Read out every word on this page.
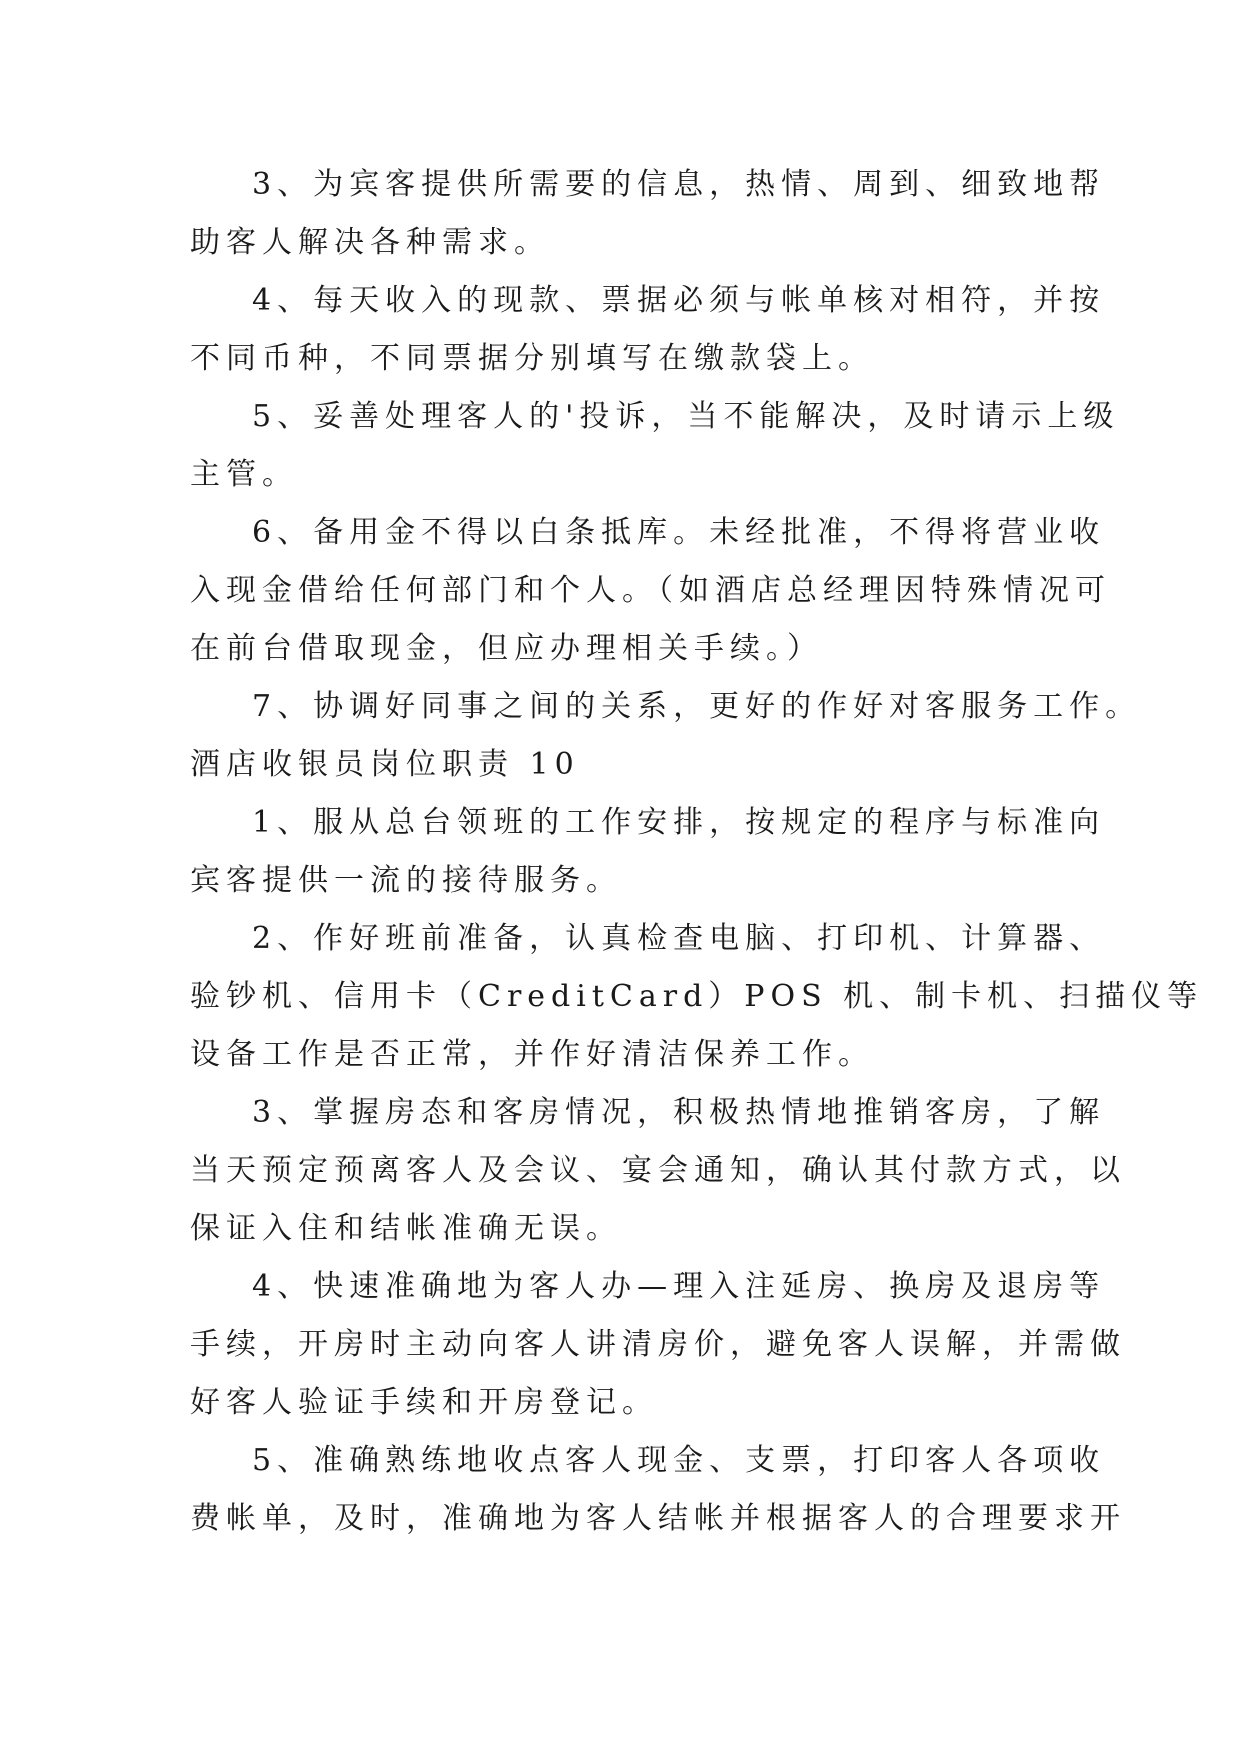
3、为宾客提供所需要的信息，热情、周到、细致地帮
助客人解决各种需求。
4、每天收入的现款、票据必须与帐单核对相符，并按
不同币种，不同票据分别填写在缴款袋上。
5、妥善处理客人的'投诉，当不能解决，及时请示上级
主管。
6、备用金不得以白条抵库。未经批准，不得将营业收
入现金借给任何部门和个人。（如酒店总经理因特殊情况可
在前台借取现金，但应办理相关手续。）
7、协调好同事之间的关系，更好的作好对客服务工作。
酒店收银员岗位职责 10
1、服从总台领班的工作安排，按规定的程序与标准向
宾客提供一流的接待服务。
2、作好班前准备，认真检查电脑、打印机、计算器、
验钞机、信用卡（CreditCard）POS 机、制卡机、扫描仪等
设备工作是否正常，并作好清洁保养工作。
3、掌握房态和客房情况，积极热情地推销客房，了解
当天预定预离客人及会议、宴会通知，确认其付款方式，以
保证入住和结帐准确无误。
4、快速准确地为客人办—理入注延房、换房及退房等
手续，开房时主动向客人讲清房价，避免客人误解，并需做
好客人验证手续和开房登记。
5、准确熟练地收点客人现金、支票，打印客人各项收
费帐单，及时，准确地为客人结帐并根据客人的合理要求开
